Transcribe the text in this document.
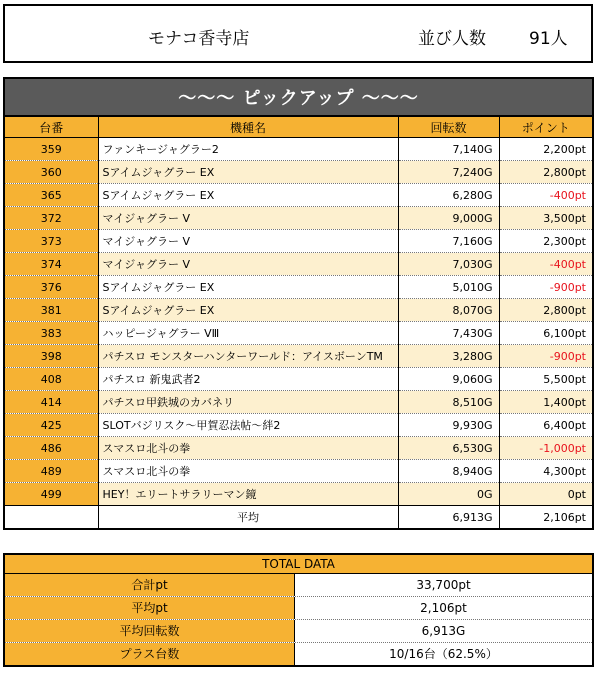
モナコ香寺店	並び人数	91人
～～～ ピックアップ ～～～
台番	機種名	回転数	ポイント
359	ファンキージャグラー2	7,140G	2,200pt
360	Sアイムジャグラー EX	7,240G	2,800pt
365	Sアイムジャグラー EX	6,280G	-400pt
372	マイジャグラー V	9,000G	3,500pt
373	マイジャグラー V	7,160G	2,300pt
374	マイジャグラー V	7,030G	-400pt
376	Sアイムジャグラー EX	5,010G	-900pt
381	Sアイムジャグラー EX	8,070G	2,800pt
383	ハッピージャグラー VⅢ	7,430G	6,100pt
398	パチスロ モンスターハンターワールド：アイスボーンTM	3,280G	-900pt
408	パチスロ 新鬼武者2	9,060G	5,500pt
414	パチスロ甲鉄城のカバネリ	8,510G	1,400pt
425	SLOTバジリスク～甲賀忍法帖～絆2	9,930G	6,400pt
486	スマスロ北斗の拳	6,530G	-1,000pt
489	スマスロ北斗の拳	8,940G	4,300pt
499	HEY！エリートサラリーマン鏡	0G	0pt
	平均	6,913G	2,106pt
TOTAL DATA
合計pt	33,700pt
平均pt	2,106pt
平均回転数	6,913G
プラス台数	10/16台（62.5%）
